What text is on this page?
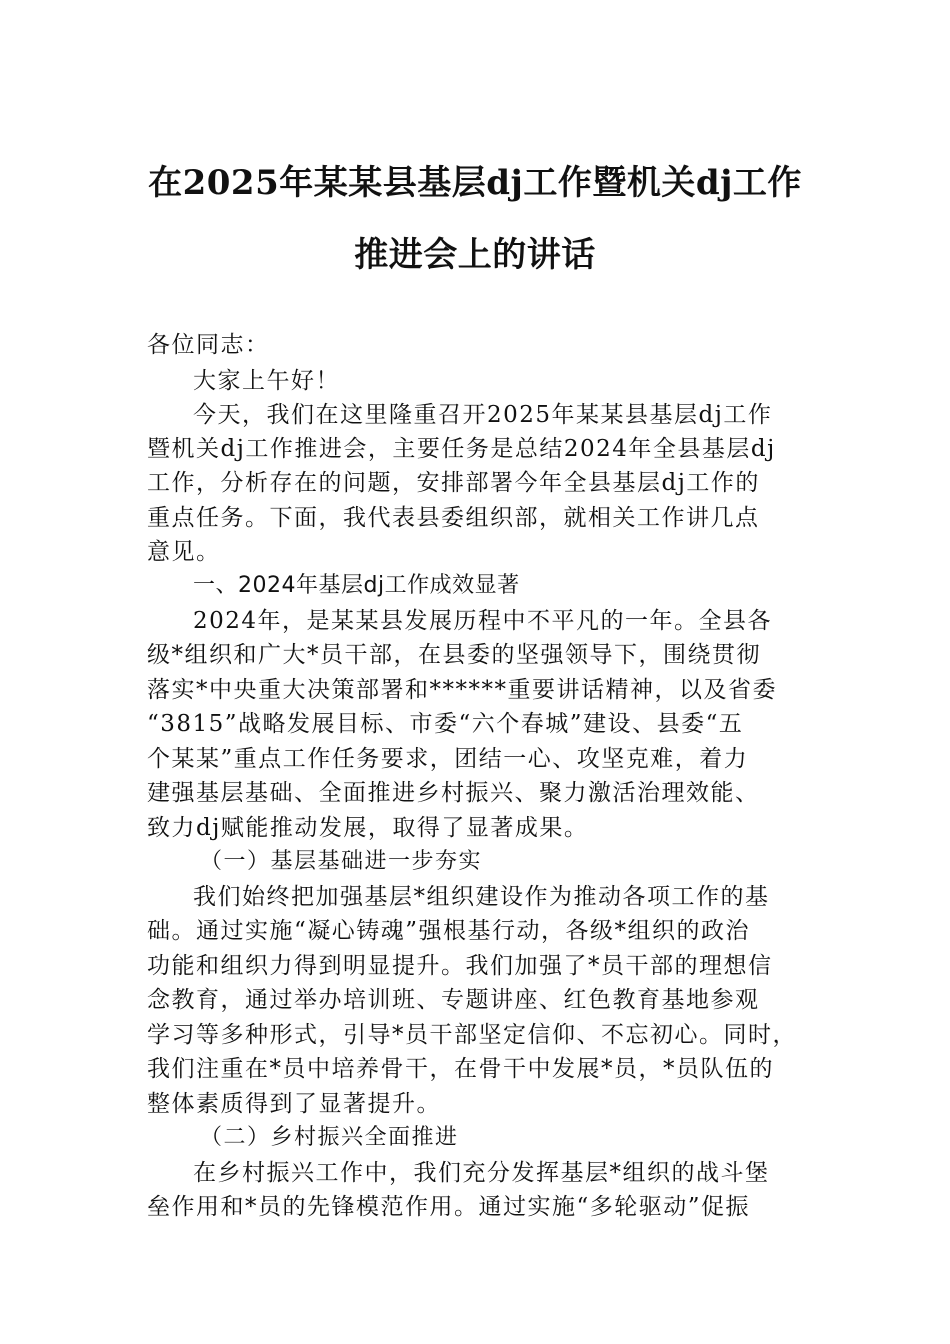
在2025年某某县基层dj工作暨机关dj工作
推进会上的讲话
各位同志：
大家上午好！
今天，我们在这里隆重召开2025年某某县基层dj工作
暨机关dj工作推进会，主要任务是总结2024年全县基层dj
工作，分析存在的问题，安排部署今年全县基层dj工作的
重点任务。下面，我代表县委组织部，就相关工作讲几点
意见。
一、2024年基层dj工作成效显著
2024年，是某某县发展历程中不平凡的一年。全县各
级*组织和广大*员干部，在县委的坚强领导下，围绕贯彻
落实*中央重大决策部署和******重要讲话精神，以及省委
“3815”战略发展目标、市委“六个春城”建设、县委“五
个某某”重点工作任务要求，团结一心、攻坚克难，着力
建强基层基础、全面推进乡村振兴、聚力激活治理效能、
致力dj赋能推动发展，取得了显著成果。
（一）基层基础进一步夯实
我们始终把加强基层*组织建设作为推动各项工作的基
础。通过实施“凝心铸魂”强根基行动，各级*组织的政治
功能和组织力得到明显提升。我们加强了*员干部的理想信
念教育，通过举办培训班、专题讲座、红色教育基地参观
学习等多种形式，引导*员干部坚定信仰、不忘初心。同时，
我们注重在*员中培养骨干，在骨干中发展*员，*员队伍的
整体素质得到了显著提升。
（二）乡村振兴全面推进
在乡村振兴工作中，我们充分发挥基层*组织的战斗堡
垒作用和*员的先锋模范作用。通过实施“多轮驱动”促振
